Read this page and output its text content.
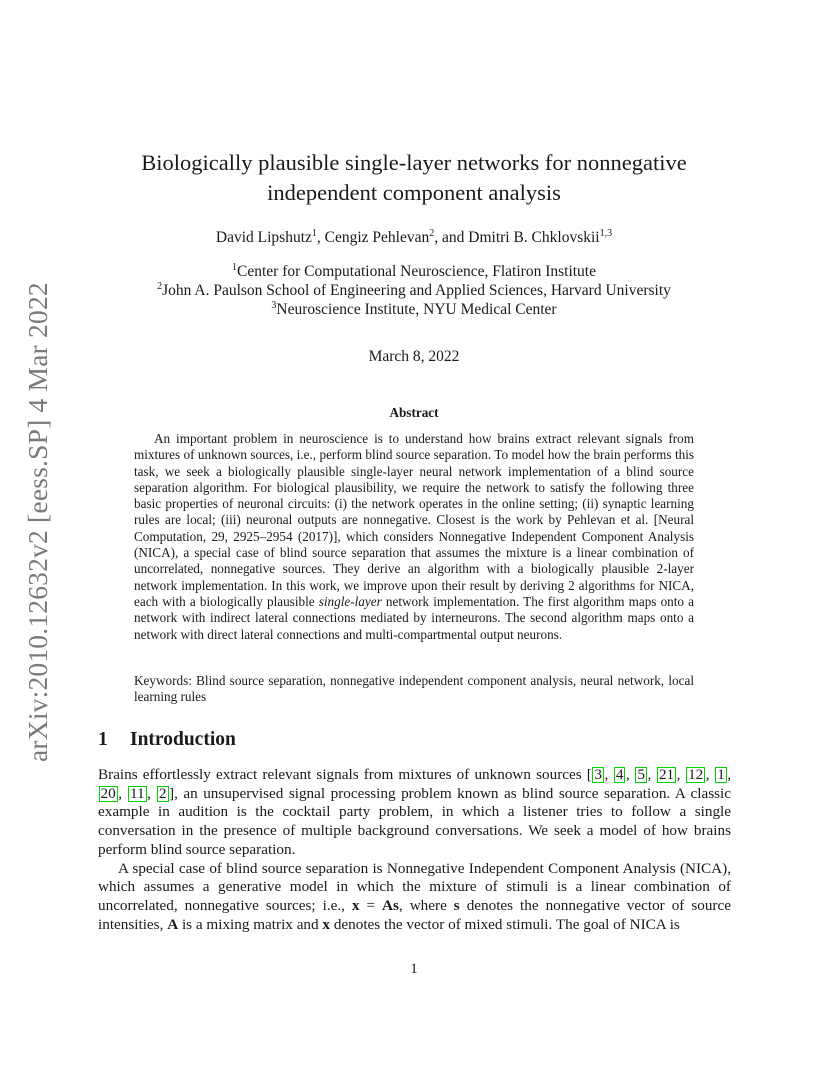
arXiv:2010.12632v2 [eess.SP] 4 Mar 2022
Biologically plausible single-layer networks for nonnegative
independent component analysis
David Lipshutz$^1$, Cengiz Pehlevan$^2$, and Dmitri B. Chklovskii$^{1,3}$
$^1$Center for Computational Neuroscience, Flatiron Institute
$^2$John A. Paulson School of Engineering and Applied Sciences, Harvard University
$^3$Neuroscience Institute, NYU Medical Center
March 8, 2022
Abstract

An important problem in neuroscience is to understand how brains extract relevant signals from mixtures of unknown sources, i.e., perform blind source separation. To model how the brain performs this task, we seek a biologically plausible single-layer neural network implementation of a blind source separation algorithm. For biological plausibility, we require the network to satisfy the following three basic properties of neuronal circuits: (i) the network operates in the online setting; (ii) synaptic learning rules are local; (iii) neuronal outputs are nonnegative. Closest is the work by Pehlevan et al. [Neural Computation, 29, 2925–2954 (2017)], which considers Nonnegative Independent Component Analysis (NICA), a special case of blind source separation that assumes the mixture is a linear combination of uncorrelated, nonnegative sources. They derive an algorithm with a biologically plausible 2-layer network implementation. In this work, we improve upon their result by deriving 2 algorithms for NICA, each with a biologically plausible single-layer network implementation. The first algorithm maps onto a network with indirect lateral connections mediated by interneurons. The second algorithm maps onto a network with direct lateral connections and multi-compartmental output neurons.

Keywords: Blind source separation, nonnegative independent component analysis, neural network, local learning rules
1 Introduction

Brains effortlessly extract relevant signals from mixtures of unknown sources [ 3 , 4 , 5 , 21 , 12 , 1 , 20 , 11 , 2 ], an unsupervised signal processing problem known as blind source separation. A classic example in audition is the cocktail party problem, in which a listener tries to follow a single conversation in the presence of multiple background conversations. We seek a model of how brains perform blind source separation.

A special case of blind source separation is Nonnegative Independent Component Analysis (NICA), which assumes a generative model in which the mixture of stimuli is a linear combination of uncorrelated, nonnegative sources; i.e., x = As, where s denotes the nonnegative vector of source intensities, A is a mixing matrix and x denotes the vector of mixed stimuli. The goal of NICA is

1
